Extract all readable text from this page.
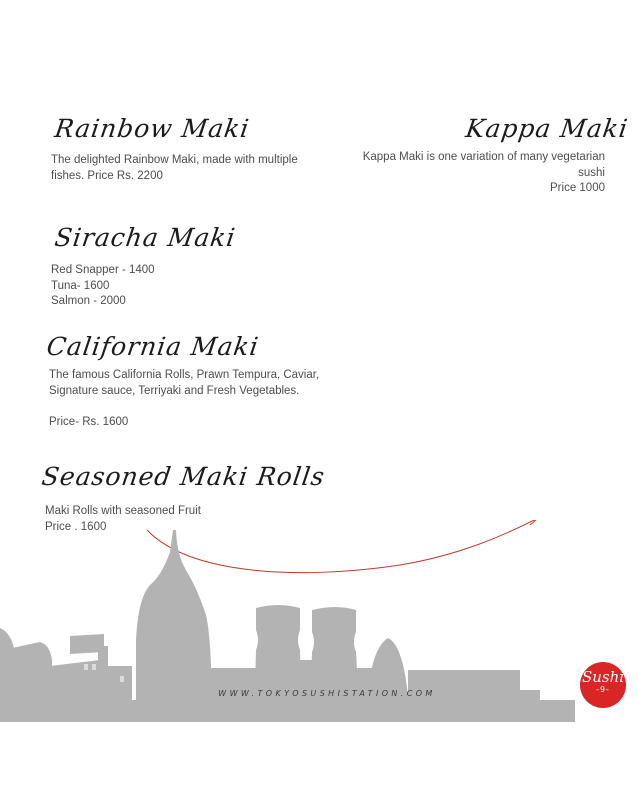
Rainbow Maki
The delighted Rainbow Maki, made with multiple
fishes. Price Rs. 2200
Kappa Maki
Kappa Maki is one variation of many vegetarian
sushi
Price 1000
Siracha Maki
Red Snapper - 1400
Tuna- 1600
Salmon - 2000
California Maki
The famous California Rolls, Prawn Tempura, Caviar,
Signature sauce, Terriyaki and Fresh Vegetables.
Price- Rs. 1600
Seasoned Maki Rolls
Maki Rolls with seasoned Fruit
Price . 1600
WWW.TOKYOSUSHISTATION.COM
Sushi
-9-
